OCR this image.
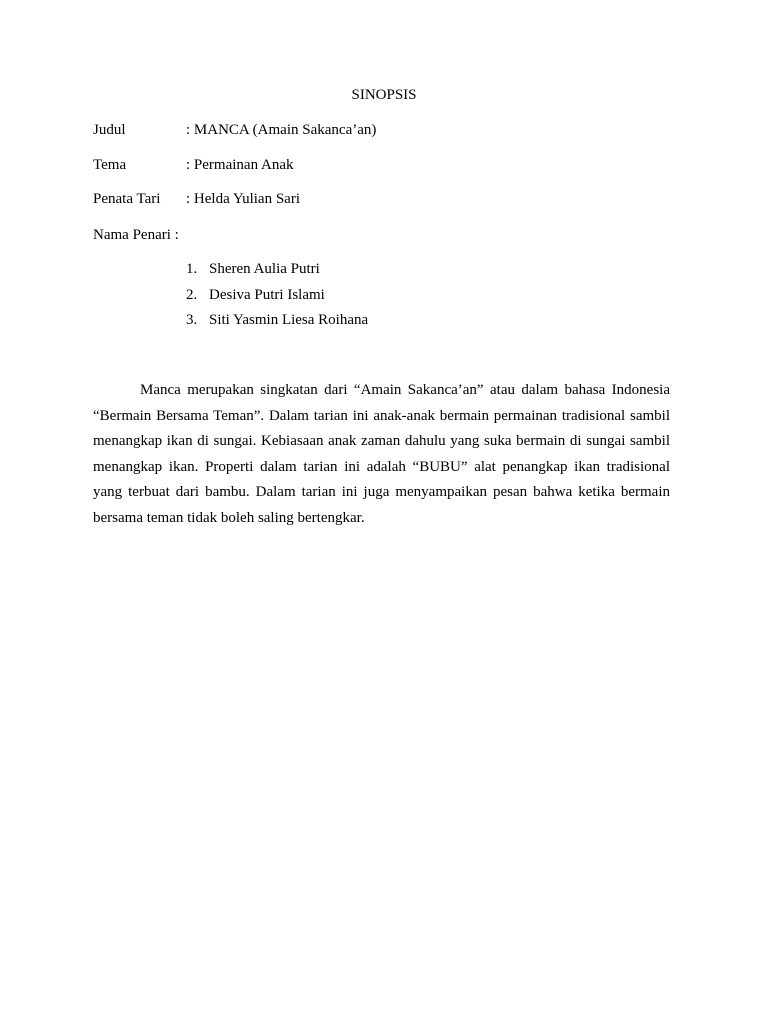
SINOPSIS
Judul	: MANCA (Amain Sakanca’an)
Tema	: Permainan Anak
Penata Tari : Helda Yulian Sari
Nama Penari :
1. Sheren Aulia Putri
2. Desiva Putri Islami
3. Siti Yasmin Liesa Roihana

Manca merupakan singkatan dari “Amain Sakanca’an” atau dalam bahasa Indonesia “Bermain Bersama Teman”. Dalam tarian ini anak-anak bermain permainan tradisional sambil menangkap ikan di sungai. Kebiasaan anak zaman dahulu yang suka bermain di sungai sambil menangkap ikan. Properti dalam tarian ini adalah “BUBU” alat penangkap ikan tradisional yang terbuat dari bambu. Dalam tarian ini juga menyampaikan pesan bahwa ketika bermain bersama teman tidak boleh saling bertengkar.
